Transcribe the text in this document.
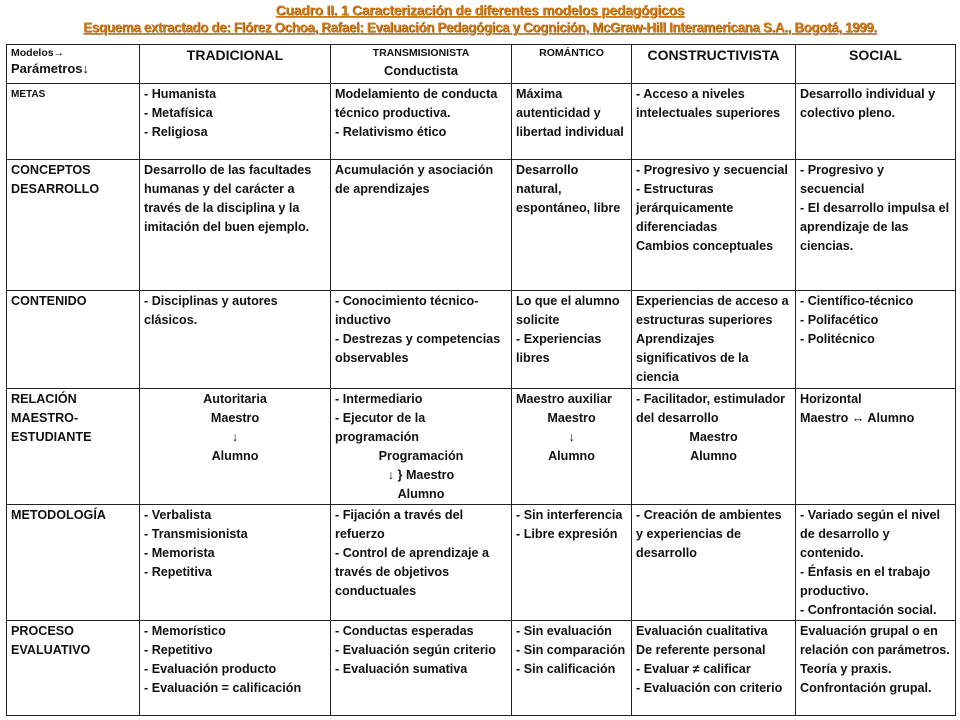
Cuadro II. 1 Caracterización de diferentes modelos pedagógicos
Esquema extractado de: Flórez Ochoa, Rafael: Evaluación Pedagógica y Cognición, McGraw-Hill Interamericana S.A., Bogotá, 1999.
Modelos→
Parámetros↓	TRADICIONAL	TRANSMISIONISTA
Conductista	ROMÁNTICO	CONSTRUCTIVISTA	SOCIAL

METAS	- Humanista
- Metafísica
- Religiosa	Modelamiento de conducta técnico productiva.
- Relativismo ético	Máxima autenticidad y libertad individual	- Acceso a niveles intelectuales superiores	Desarrollo individual y colectivo pleno.

CONCEPTOS DESARROLLO	Desarrollo de las facultades humanas y del carácter a través de la disciplina y la imitación del buen ejemplo.	Acumulación y asociación de aprendizajes	Desarrollo natural, espontáneo, libre	- Progresivo y secuencial
- Estructuras jerárquicamente diferenciadas
Cambios conceptuales	- Progresivo y secuencial
- El desarrollo impulsa el aprendizaje de las ciencias.

CONTENIDO	- Disciplinas y autores clásicos.	- Conocimiento técnico-inductivo
- Destrezas y competencias observables	Lo que el alumno solicite
- Experiencias libres	Experiencias de acceso a estructuras superiores
Aprendizajes significativos de la ciencia	- Científico-técnico
- Polifacético
- Politécnico

RELACIÓN MAESTRO-ESTUDIANTE	Autoritaria
Maestro
↓
Alumno	- Intermediario
- Ejecutor de la programación
Programación
↓ } Maestro
Alumno	Maestro auxiliar
Maestro
↓
Alumno	- Facilitador, estimulador del desarrollo
Maestro
Alumno	Horizontal
Maestro ↔ Alumno

METODOLOGÍA	- Verbalista
- Transmisionista
- Memorista
- Repetitiva	- Fijación a través del refuerzo
- Control de aprendizaje a través de objetivos conductuales	- Sin interferencia
- Libre expresión	- Creación de ambientes y experiencias de desarrollo	- Variado según el nivel de desarrollo y contenido.
- Énfasis en el trabajo productivo.
- Confrontación social.

PROCESO EVALUATIVO	- Memorístico
- Repetitivo
- Evaluación producto
- Evaluación = calificación	- Conductas esperadas
- Evaluación según criterio
- Evaluación sumativa	- Sin evaluación
- Sin comparación
- Sin calificación	Evaluación cualitativa
De referente personal
- Evaluar ≠ calificar
- Evaluación con criterio	Evaluación grupal o en relación con parámetros.
Teoría y praxis.
Confrontación grupal.
